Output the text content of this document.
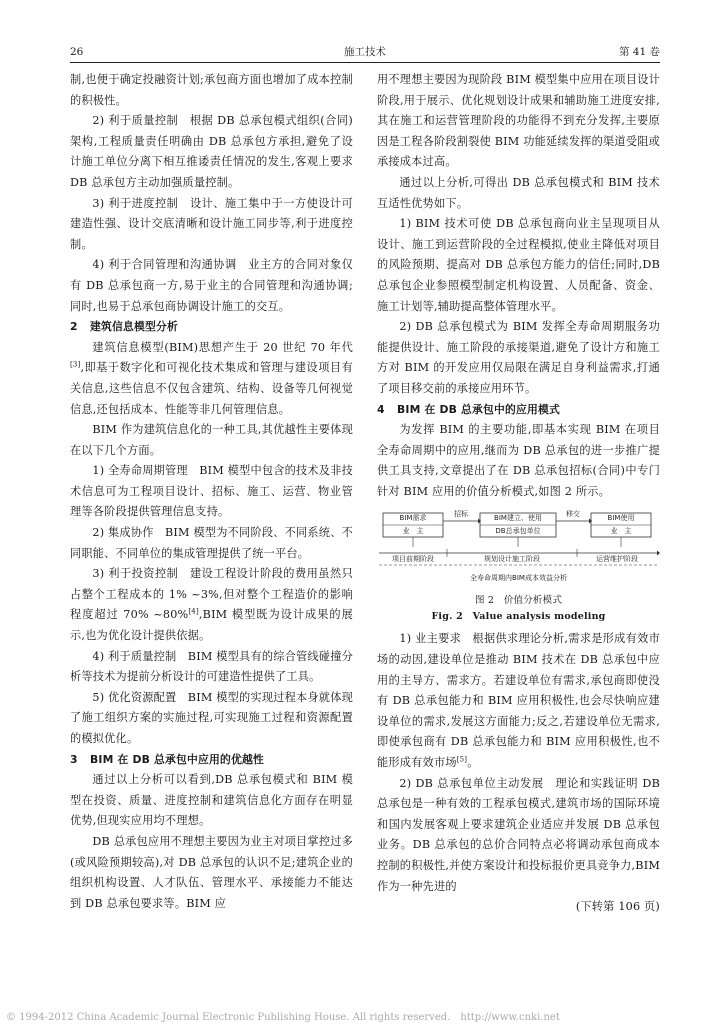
26	施工技术	第 41 卷

制,也便于确定投融资计划;承包商方面也增加了成本控制的积极性。

2) 利于质量控制　根据 DB 总承包模式组织(合同)架构,工程质量责任明确由 DB 总承包方承担,避免了设计施工单位分离下相互推诿责任情况的发生,客观上要求 DB 总承包方主动加强质量控制。

3) 利于进度控制　设计、施工集中于一方使设计可建造性强、设计交底清晰和设计施工同步等,利于进度控制。

4) 利于合同管理和沟通协调　业主方的合同对象仅有 DB 总承包商一方,易于业主的合同管理和沟通协调;同时,也易于总承包商协调设计施工的交互。

2 建筑信息模型分析

建筑信息模型(BIM)思想产生于 20 世纪 70 年代[3],即基于数字化和可视化技术集成和管理与建设项目有关信息,这些信息不仅包含建筑、结构、设备等几何视觉信息,还包括成本、性能等非几何管理信息。

BIM 作为建筑信息化的一种工具,其优越性主要体现在以下几个方面。

1) 全寿命周期管理　BIM 模型中包含的技术及非技术信息可为工程项目设计、招标、施工、运营、物业管理等各阶段提供管理信息支持。

2) 集成协作　BIM 模型为不同阶段、不同系统、不同职能、不同单位的集成管理提供了统一平台。

3) 利于投资控制　建设工程设计阶段的费用虽然只占整个工程成本的 1% ~3%,但对整个工程造价的影响程度超过 70% ~80%[4],BIM 模型既为设计成果的展示,也为优化设计提供依据。

4) 利于质量控制　BIM 模型具有的综合管线碰撞分析等技术为提前分析设计的可建造性提供了工具。

5) 优化资源配置　BIM 模型的实现过程本身就体现了施工组织方案的实施过程,可实现施工过程和资源配置的模拟优化。

3 BIM 在 DB 总承包中应用的优越性

通过以上分析可以看到,DB 总承包模式和 BIM 模型在投资、质量、进度控制和建筑信息化方面存在明显优势,但现实应用均不理想。

DB 总承包应用不理想主要因为业主对项目掌控过多(或风险预期较高),对 DB 总承包的认识不足;建筑企业的组织机构设置、人才队伍、管理水平、承接能力不能达到 DB 总承包要求等。BIM 应

用不理想主要因为现阶段 BIM 模型集中应用在项目设计阶段,用于展示、优化规划设计成果和辅助施工进度安排,其在施工和运营管理阶段的功能得不到充分发挥,主要原因是工程各阶段割裂使 BIM 功能延续发挥的渠道受阻或承接成本过高。

通过以上分析,可得出 DB 总承包模式和 BIM 技术互适性优势如下。

1) BIM 技术可使 DB 总承包商向业主呈现项目从设计、施工到运营阶段的全过程模拟,使业主降低对项目的风险预期、提高对 DB 总承包方能力的信任;同时,DB 总承包企业参照模型制定机构设置、人员配备、资金、施工计划等,辅助提高整体管理水平。

2) DB 总承包模式为 BIM 发挥全寿命周期服务功能提供设计、施工阶段的承接渠道,避免了设计方和施工方对 BIM 的开发应用仅局限在满足自身利益需求,打通了项目移交前的承接应用环节。

4 BIM 在 DB 总承包中的应用模式

为发挥 BIM 的主要功能,即基本实现 BIM 在项目全寿命周期中的应用,继而为 DB 总承包的进一步推广提供工具支持,文章提出了在 DB 总承包招标(合同)中专门针对 BIM 应用的价值分析模式,如图 2 所示。

BIM需求
业　主
招标	BIM建立、使用
DB总承包单位
移交	BIM使用
业　主
项目前期阶段	规划设计施工阶段	运营维护阶段
全寿命周期内BIM成本效益分析
图 2　价值分析模式
Fig. 2　Value analysis modeling

1) 业主要求　根据供求理论分析,需求是形成有效市场的动因,建设单位是推动 BIM 技术在 DB 总承包中应用的主导方、需求方。若建设单位有需求,承包商即使没有 DB 总承包能力和 BIM 应用积极性,也会尽快响应建设单位的需求,发展这方面能力;反之,若建设单位无需求,即使承包商有 DB 总承包能力和 BIM 应用积极性,也不能形成有效市场[5]。

2) DB 总承包单位主动发展　理论和实践证明 DB 总承包是一种有效的工程承包模式,建筑市场的国际环境和国内发展客观上要求建筑企业适应并发展 DB 总承包业务。DB 总承包的总价合同特点必将调动承包商成本控制的积极性,并使方案设计和投标报价更具竞争力,BIM 作为一种先进的

(下转第 106 页)

© 1994-2012 China Academic Journal Electronic Publishing House. All rights reserved.　http://www.cnki.net
